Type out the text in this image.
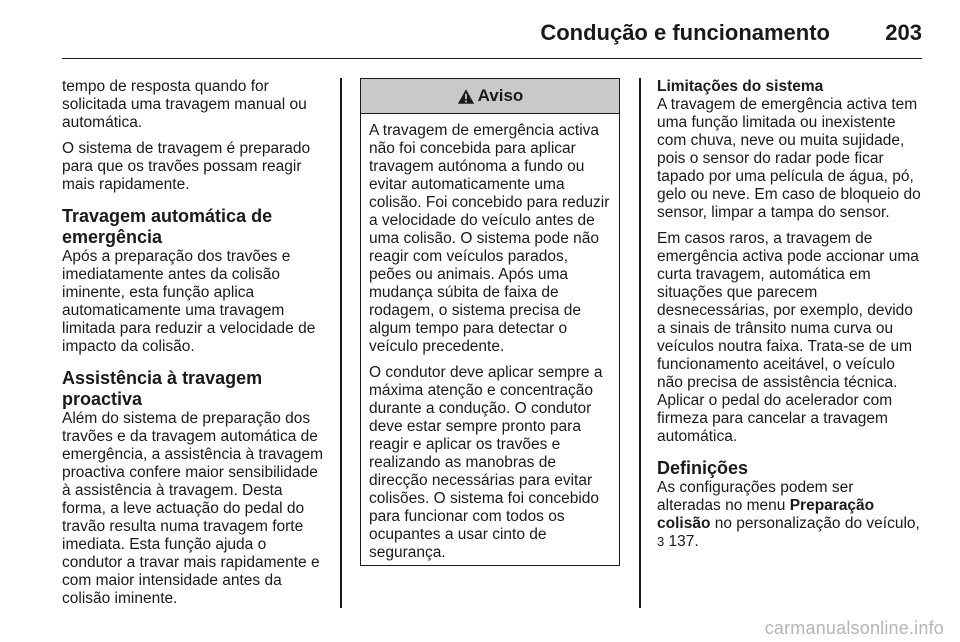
Condução e funcionamento	203

tempo de resposta quando for solicitada uma travagem manual ou automática.

O sistema de travagem é preparado para que os travões possam reagir mais rapidamente.

Travagem automática de emergência

Após a preparação dos travões e imediatamente antes da colisão iminente, esta função aplica automaticamente uma travagem limitada para reduzir a velocidade de impacto da colisão.

Assistência à travagem proactiva

Além do sistema de preparação dos travões e da travagem automática de emergência, a assistência à travagem proactiva confere maior sensibilidade à assistência à travagem. Desta forma, a leve actuação do pedal do travão resulta numa travagem forte imediata. Esta função ajuda o condutor a travar mais rapidamente e com maior intensidade antes da colisão iminente.

Aviso

A travagem de emergência activa não foi concebida para aplicar travagem autónoma a fundo ou evitar automaticamente uma colisão. Foi concebido para reduzir a velocidade do veículo antes de uma colisão. O sistema pode não reagir com veículos parados, peões ou animais. Após uma mudança súbita de faixa de rodagem, o sistema precisa de algum tempo para detectar o veículo precedente.

O condutor deve aplicar sempre a máxima atenção e concentração durante a condução. O condutor deve estar sempre pronto para reagir e aplicar os travões e realizando as manobras de direcção necessárias para evitar colisões. O sistema foi concebido para funcionar com todos os ocupantes a usar cinto de segurança.

Limitações do sistema

A travagem de emergência activa tem uma função limitada ou inexistente com chuva, neve ou muita sujidade, pois o sensor do radar pode ficar tapado por uma película de água, pó, gelo ou neve. Em caso de bloqueio do sensor, limpar a tampa do sensor.

Em casos raros, a travagem de emergência activa pode accionar uma curta travagem, automática em situações que parecem desnecessárias, por exemplo, devido a sinais de trânsito numa curva ou veículos noutra faixa. Trata-se de um funcionamento aceitável, o veículo não precisa de assistência técnica. Aplicar o pedal do acelerador com firmeza para cancelar a travagem automática.

Definições

As configurações podem ser alteradas no menu Preparação colisão no personalização do veículo,
3 137.

carmanualsonline.info
